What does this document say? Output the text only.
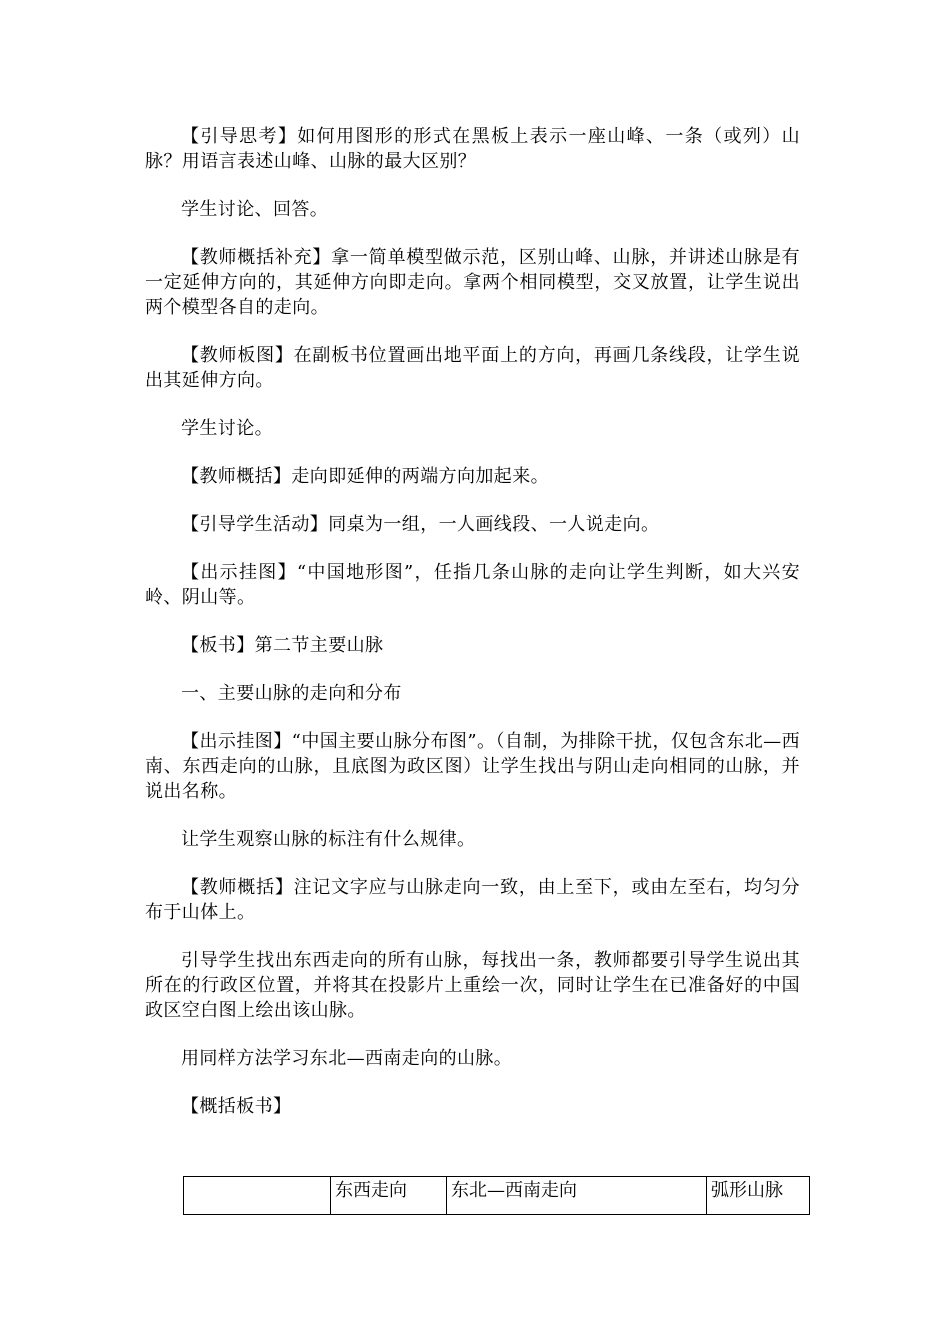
【引导思考】如何用图形的形式在黑板上表示一座山峰、一条（或列）山脉？用语言表述山峰、山脉的最大区别？

学生讨论、回答。

【教师概括补充】拿一简单模型做示范，区别山峰、山脉，并讲述山脉是有一定延伸方向的，其延伸方向即走向。拿两个相同模型，交叉放置，让学生说出两个模型各自的走向。

【教师板图】在副板书位置画出地平面上的方向，再画几条线段，让学生说出其延伸方向。

学生讨论。

【教师概括】走向即延伸的两端方向加起来。

【引导学生活动】同桌为一组，一人画线段、一人说走向。

【出示挂图】“中国地形图”，任指几条山脉的走向让学生判断，如大兴安岭、阴山等。

【板书】第二节主要山脉

一、主要山脉的走向和分布

【出示挂图】“中国主要山脉分布图”。（自制，为排除干扰，仅包含东北—西南、东西走向的山脉，且底图为政区图）让学生找出与阴山走向相同的山脉，并说出名称。

让学生观察山脉的标注有什么规律。

【教师概括】注记文字应与山脉走向一致，由上至下，或由左至右，均匀分布于山体上。

引导学生找出东西走向的所有山脉，每找出一条，教师都要引导学生说出其所在的行政区位置，并将其在投影片上重绘一次，同时让学生在已准备好的中国政区空白图上绘出该山脉。

用同样方法学习东北—西南走向的山脉。

【概括板书】

	东西走向	东北—西南走向	弧形山脉
